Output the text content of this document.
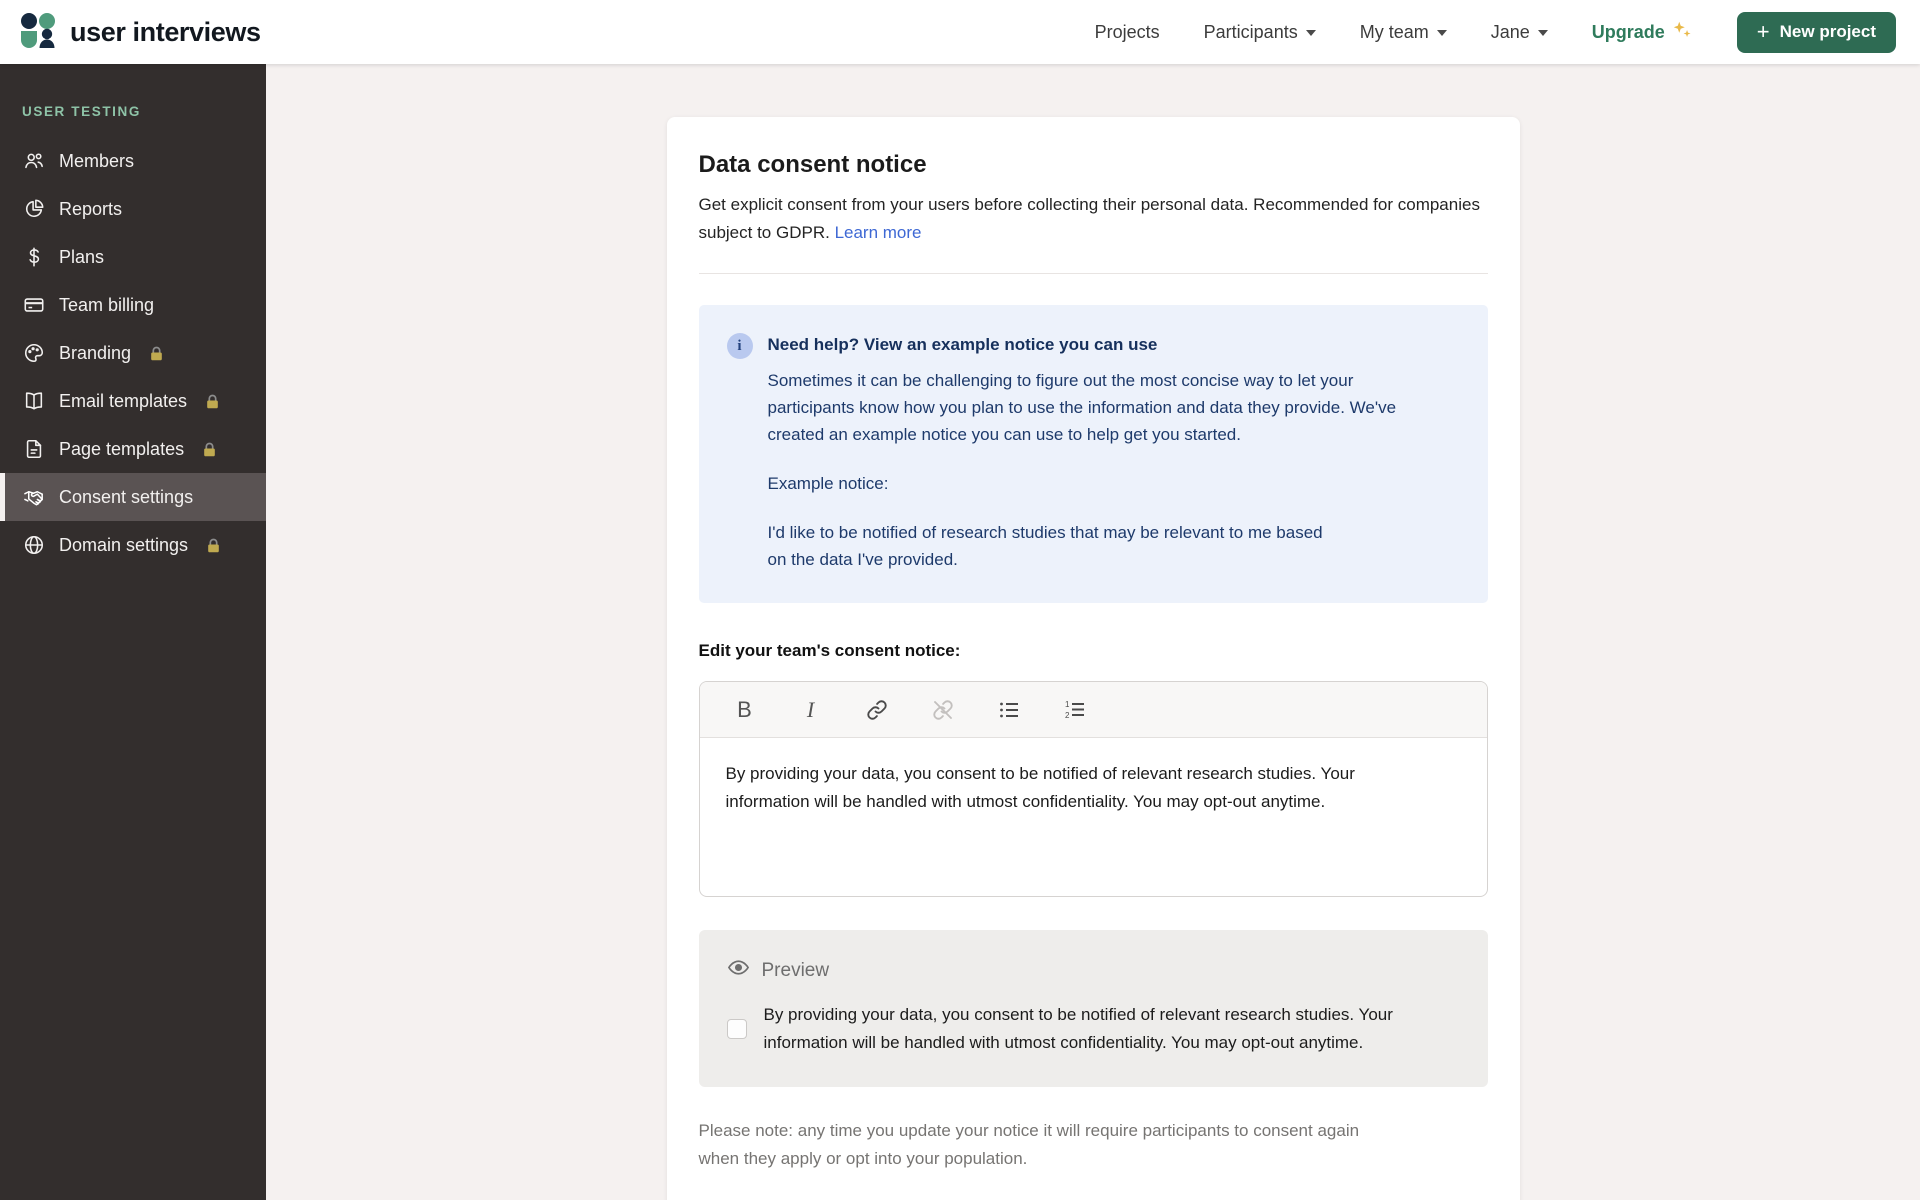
user interviews	Projects Participants	My team	Jane	Upgrade	+ New project
USER TESTING
Members
Reports
Plans
Team billing
Branding
Email templates
Page templates
Consent settings
Domain settings
Data consent notice

Get explicit consent from your users before collecting their personal data. Recommended for companies subject to GDPR. Learn more

i	Need help? View an example notice you can use

Sometimes it can be challenging to figure out the most concise way to let your participants know how you plan to use the information and data they provide. We've created an example notice you can use to help get you started.

Example notice:

I'd like to be notified of research studies that may be relevant to me based on the data I've provided.

Edit your team's consent notice:

B	I	1
2

By providing your data, you consent to be notified of relevant research studies. Your information will be handled with utmost confidentiality. You may opt-out anytime.

Preview

By providing your data, you consent to be notified of relevant research studies. Your information will be handled with utmost confidentiality. You may opt-out anytime.

Please note: any time you update your notice it will require participants to consent again when they apply or opt into your population.
